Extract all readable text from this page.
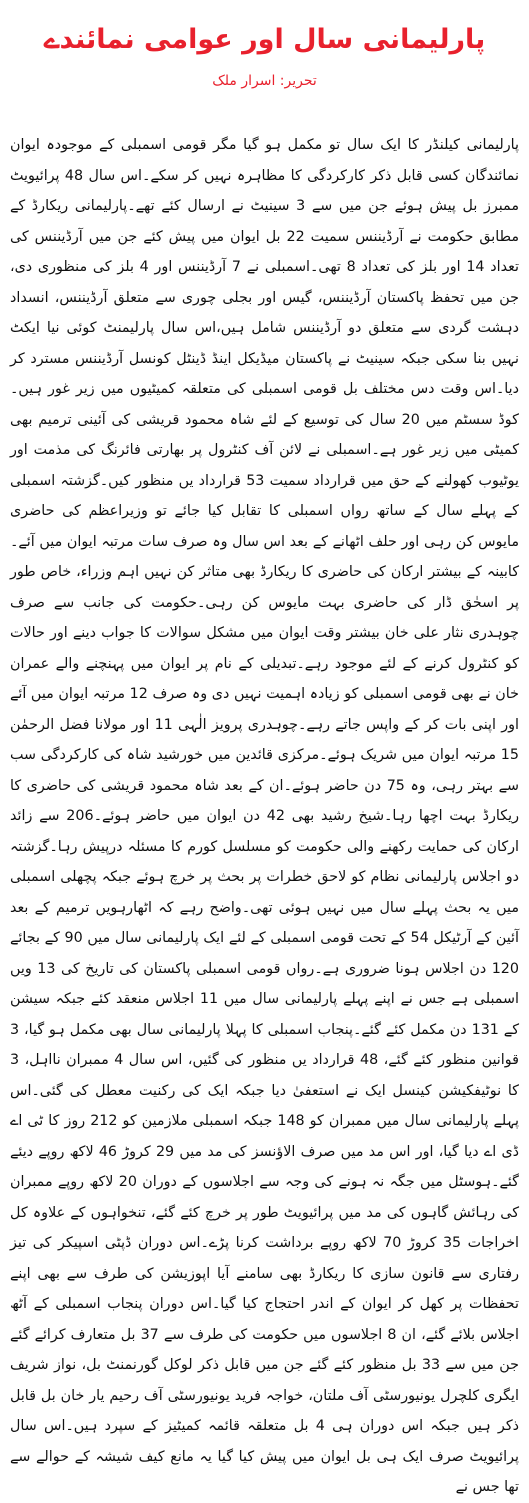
پارلیمانی سال اور عوامی نمائندے
تحریر: اسرار ملک

پارلیمانی کیلنڈر کا ایک سال تو مکمل ہو گیا مگر قومی اسمبلی کے موجودہ ایوان نمائندگان کسی قابل ذکر کارکردگی کا مظاہرہ نہیں کر سکے۔اس سال 48 پرائیویٹ ممبرز بل پیش ہوئے جن میں سے 3 سینیٹ نے ارسال کئے تھے۔پارلیمانی ریکارڈ کے مطابق حکومت نے آرڈیننس سمیت 22 بل ایوان میں پیش کئے جن میں آرڈیننس کی تعداد 14 اور بلز کی تعداد 8 تھی۔اسمبلی نے 7 آرڈیننس اور 4 بلز کی منظوری دی، جن میں تحفظ پاکستان آرڈیننس، گیس اور بجلی چوری سے متعلق آرڈیننس، انسداد دہشت گردی سے متعلق دو آرڈیننس شامل ہیں،اس سال پارلیمنٹ کوئی نیا ایکٹ نہیں بنا سکی جبکہ سینیٹ نے پاکستان میڈیکل اینڈ ڈینٹل کونسل آرڈیننس مسترد کر دیا۔اس وقت دس مختلف بل قومی اسمبلی کی متعلقہ کمیٹیوں میں زیر غور ہیں۔ کوڈ سسٹم میں 20 سال کی توسیع کے لئے شاہ محمود قریشی کی آئینی ترمیم بھی کمیٹی میں زیر غور ہے۔اسمبلی نے لائن آف کنٹرول پر بھارتی فائرنگ کی مذمت اور یوٹیوب کھولنے کے حق میں قرارداد سمیت 53 قرارداد یں منظور کیں۔گزشتہ اسمبلی کے پہلے سال کے ساتھ رواں اسمبلی کا تقابل کیا جائے تو وزیراعظم کی حاضری مایوس کن رہی اور حلف اٹھانے کے بعد اس سال وہ صرف سات مرتبہ ایوان میں آئے۔کابینہ کے بیشتر ارکان کی حاضری کا ریکارڈ بھی متاثر کن نہیں اہم وزراء، خاص طور پر اسحٰق ڈار کی حاضری بہت مایوس کن رہی۔حکومت کی جانب سے صرف چوہدری نثار علی خان بیشتر وقت ایوان میں مشکل سوالات کا جواب دینے اور حالات کو کنٹرول کرنے کے لئے موجود رہے۔تبدیلی کے نام پر ایوان میں پہنچنے والے عمران خان نے بھی قومی اسمبلی کو زیادہ اہمیت نہیں دی وہ صرف 12 مرتبہ ایوان میں آئے اور اپنی بات کر کے واپس جاتے رہے۔چوہدری پرویز الٰہی 11 اور مولانا فضل الرحمٰن 15 مرتبہ ایوان میں شریک ہوئے۔مرکزی قائدین میں خورشید شاہ کی کارکردگی سب سے بہتر رہی، وہ 75 دن حاضر ہوئے۔ان کے بعد شاہ محمود قریشی کی حاضری کا ریکارڈ بہت اچھا رہا۔شیخ رشید بھی 42 دن ایوان میں حاضر ہوئے۔206 سے زائد ارکان کی حمایت رکھنے والی حکومت کو مسلسل کورم کا مسئلہ درپیش رہا۔گزشتہ دو اجلاس پارلیمانی نظام کو لاحق خطرات پر بحث پر خرچ ہوئے جبکہ پچھلی اسمبلی میں یہ بحث پہلے سال میں نہیں ہوئی تھی۔واضح رہے کہ اٹھارہویں ترمیم کے بعد آئین کے آرٹیکل 54 کے تحت قومی اسمبلی کے لئے ایک پارلیمانی سال میں 90 کے بجائے 120 دن اجلاس ہونا ضروری ہے۔رواں قومی اسمبلی پاکستان کی تاریخ کی 13 ویں اسمبلی ہے جس نے اپنے پہلے پارلیمانی سال میں 11 اجلاس منعقد کئے جبکہ سیشن کے 131 دن مکمل کئے گئے۔پنجاب اسمبلی کا پہلا پارلیمانی سال بھی مکمل ہو گیا، 3 قوانین منظور کئے گئے، 48 قرارداد یں منظور کی گئیں، اس سال 4 ممبران نااہل، 3 کا نوٹیفکیشن کینسل ایک نے استعفیٰ دیا جبکہ ایک کی رکنیت معطل کی گئی۔اس پہلے پارلیمانی سال میں ممبران کو 148 جبکہ اسمبلی ملازمین کو 212 روز کا ٹی اے ڈی اے دیا گیا، اور اس مد میں صرف الاؤنسز کی مد میں 29 کروڑ 46 لاکھ روپے دیئے گئے۔ہوسٹل میں جگہ نہ ہونے کی وجہ سے اجلاسوں کے دوران 20 لاکھ روپے ممبران کی رہائش گاہوں کی مد میں پرائیویٹ طور پر خرچ کئے گئے، تنخواہوں کے علاوہ کل اخراجات 35 کروڑ 70 لاکھ روپے برداشت کرنا پڑے۔اس دوران ڈپٹی اسپیکر کی تیز رفتاری سے قانون سازی کا ریکارڈ بھی سامنے آیا اپوزیشن کی طرف سے بھی اپنے تحفظات پر کھل کر ایوان کے اندر احتجاج کیا گیا۔اس دوران پنجاب اسمبلی کے آٹھ اجلاس بلائے گئے، ان 8 اجلاسوں میں حکومت کی طرف سے 37 بل متعارف کرائے گئے جن میں سے 33 بل منظور کئے گئے جن میں قابل ذکر لوکل گورنمنٹ بل، نواز شریف ایگری کلچرل یونیورسٹی آف ملتان، خواجہ فرید یونیورسٹی آف رحیم یار خان بل قابل ذکر ہیں جبکہ اس دوران ہی 4 بل متعلقہ قائمہ کمیٹیز کے سپرد ہیں۔اس سال پرائیویٹ صرف ایک ہی بل ایوان میں پیش کیا گیا یہ مانع کیف شیشہ کے حوالے سے تھا جس نے
